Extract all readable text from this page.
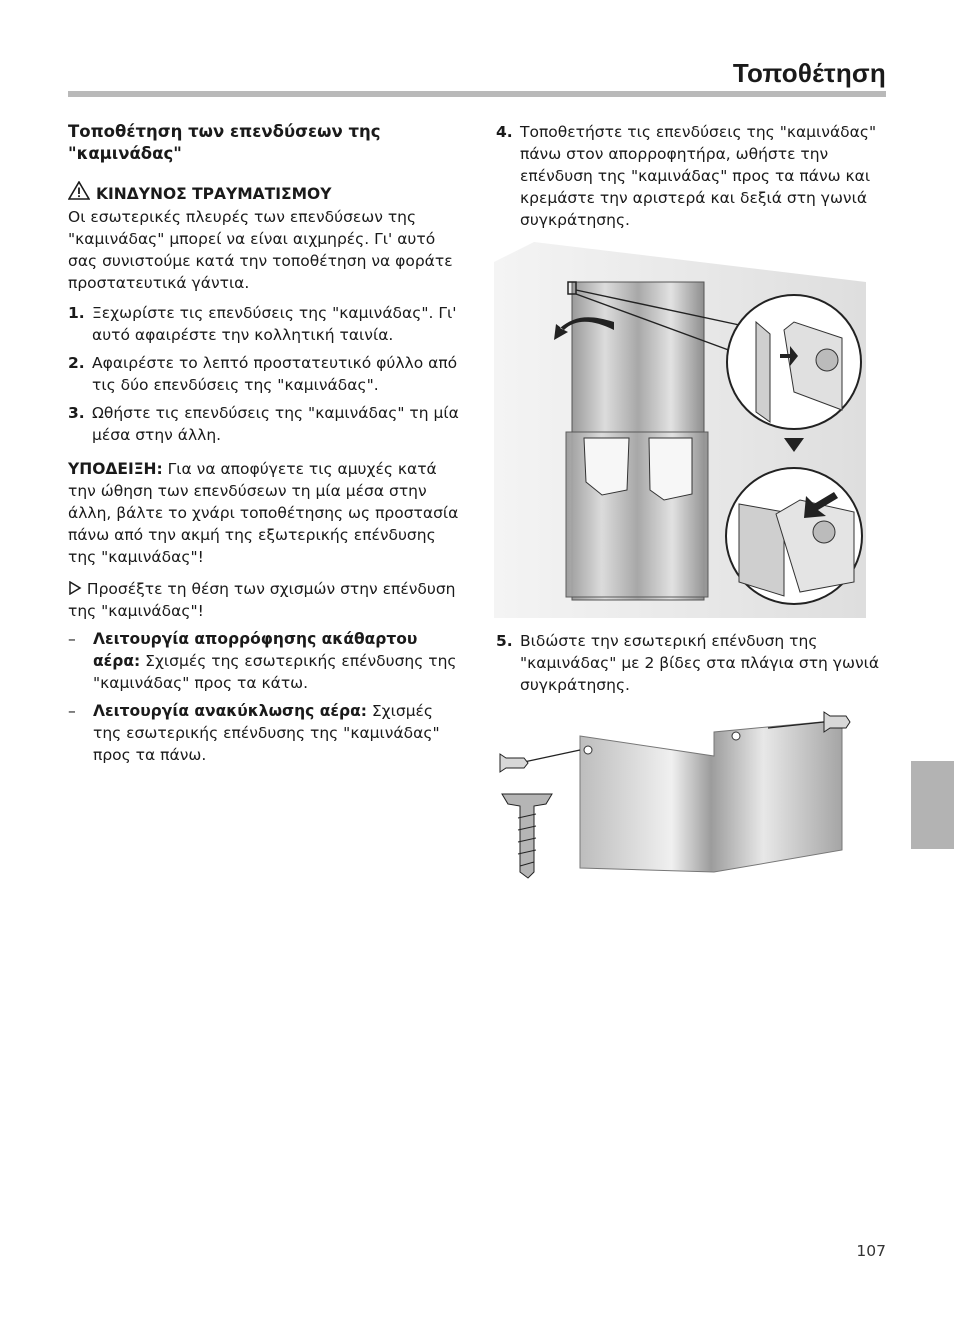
Τοποθέτηση
Τοποθέτηση των επενδύσεων της "καμινάδας"
ΚΙΝΔΥΝΟΣ ΤΡΑΥΜΑΤΙΣΜΟΥ

Οι εσωτερικές πλευρές των επενδύσεων της "καμινάδας" μπορεί να είναι αιχμηρές. Γι' αυτό σας συνιστούμε κατά την τοποθέτηση να φοράτε προστατευτικά γάντια.

1. Ξεχωρίστε τις επενδύσεις της "καμινάδας". Γι' αυτό αφαιρέστε την κολλητική ταινία.
2. Αφαιρέστε το λεπτό προστατευτικό φύλλο από τις δύο επενδύσεις της "καμινάδας".
3. Ωθήστε τις επενδύσεις της "καμινάδας" τη μία μέσα στην άλλη.

ΥΠΟΔΕΙΞΗ: Για να αποφύγετε τις αμυχές κατά την ώθηση των επενδύσεων τη μία μέσα στην άλλη, βάλτε το χνάρι τοποθέτησης ως προστασία πάνω από την ακμή της εξωτερικής επένδυσης της "καμινάδας"!

Προσέξτε τη θέση των σχισμών στην επένδυση της "καμινάδας"!

–	Λειτουργία απορρόφησης ακάθαρτου αέρα: Σχισμές της εσωτερικής επένδυσης της "καμινάδας" προς τα κάτω.
–	Λειτουργία ανακύκλωσης αέρα: Σχισμές της εσωτερικής επένδυσης της "καμινάδας" προς τα πάνω.
4. Τοποθετήστε τις επενδύσεις της "καμινάδας" πάνω στον απορροφητήρα, ωθήστε την επένδυση της "καμινάδας" προς τα πάνω και κρεμάστε την αριστερά και δεξιά στη γωνιά συγκράτησης.
5. Βιδώστε την εσωτερική επένδυση της "καμινάδας" με 2 βίδες στα πλάγια στη γωνιά συγκράτησης.
107
